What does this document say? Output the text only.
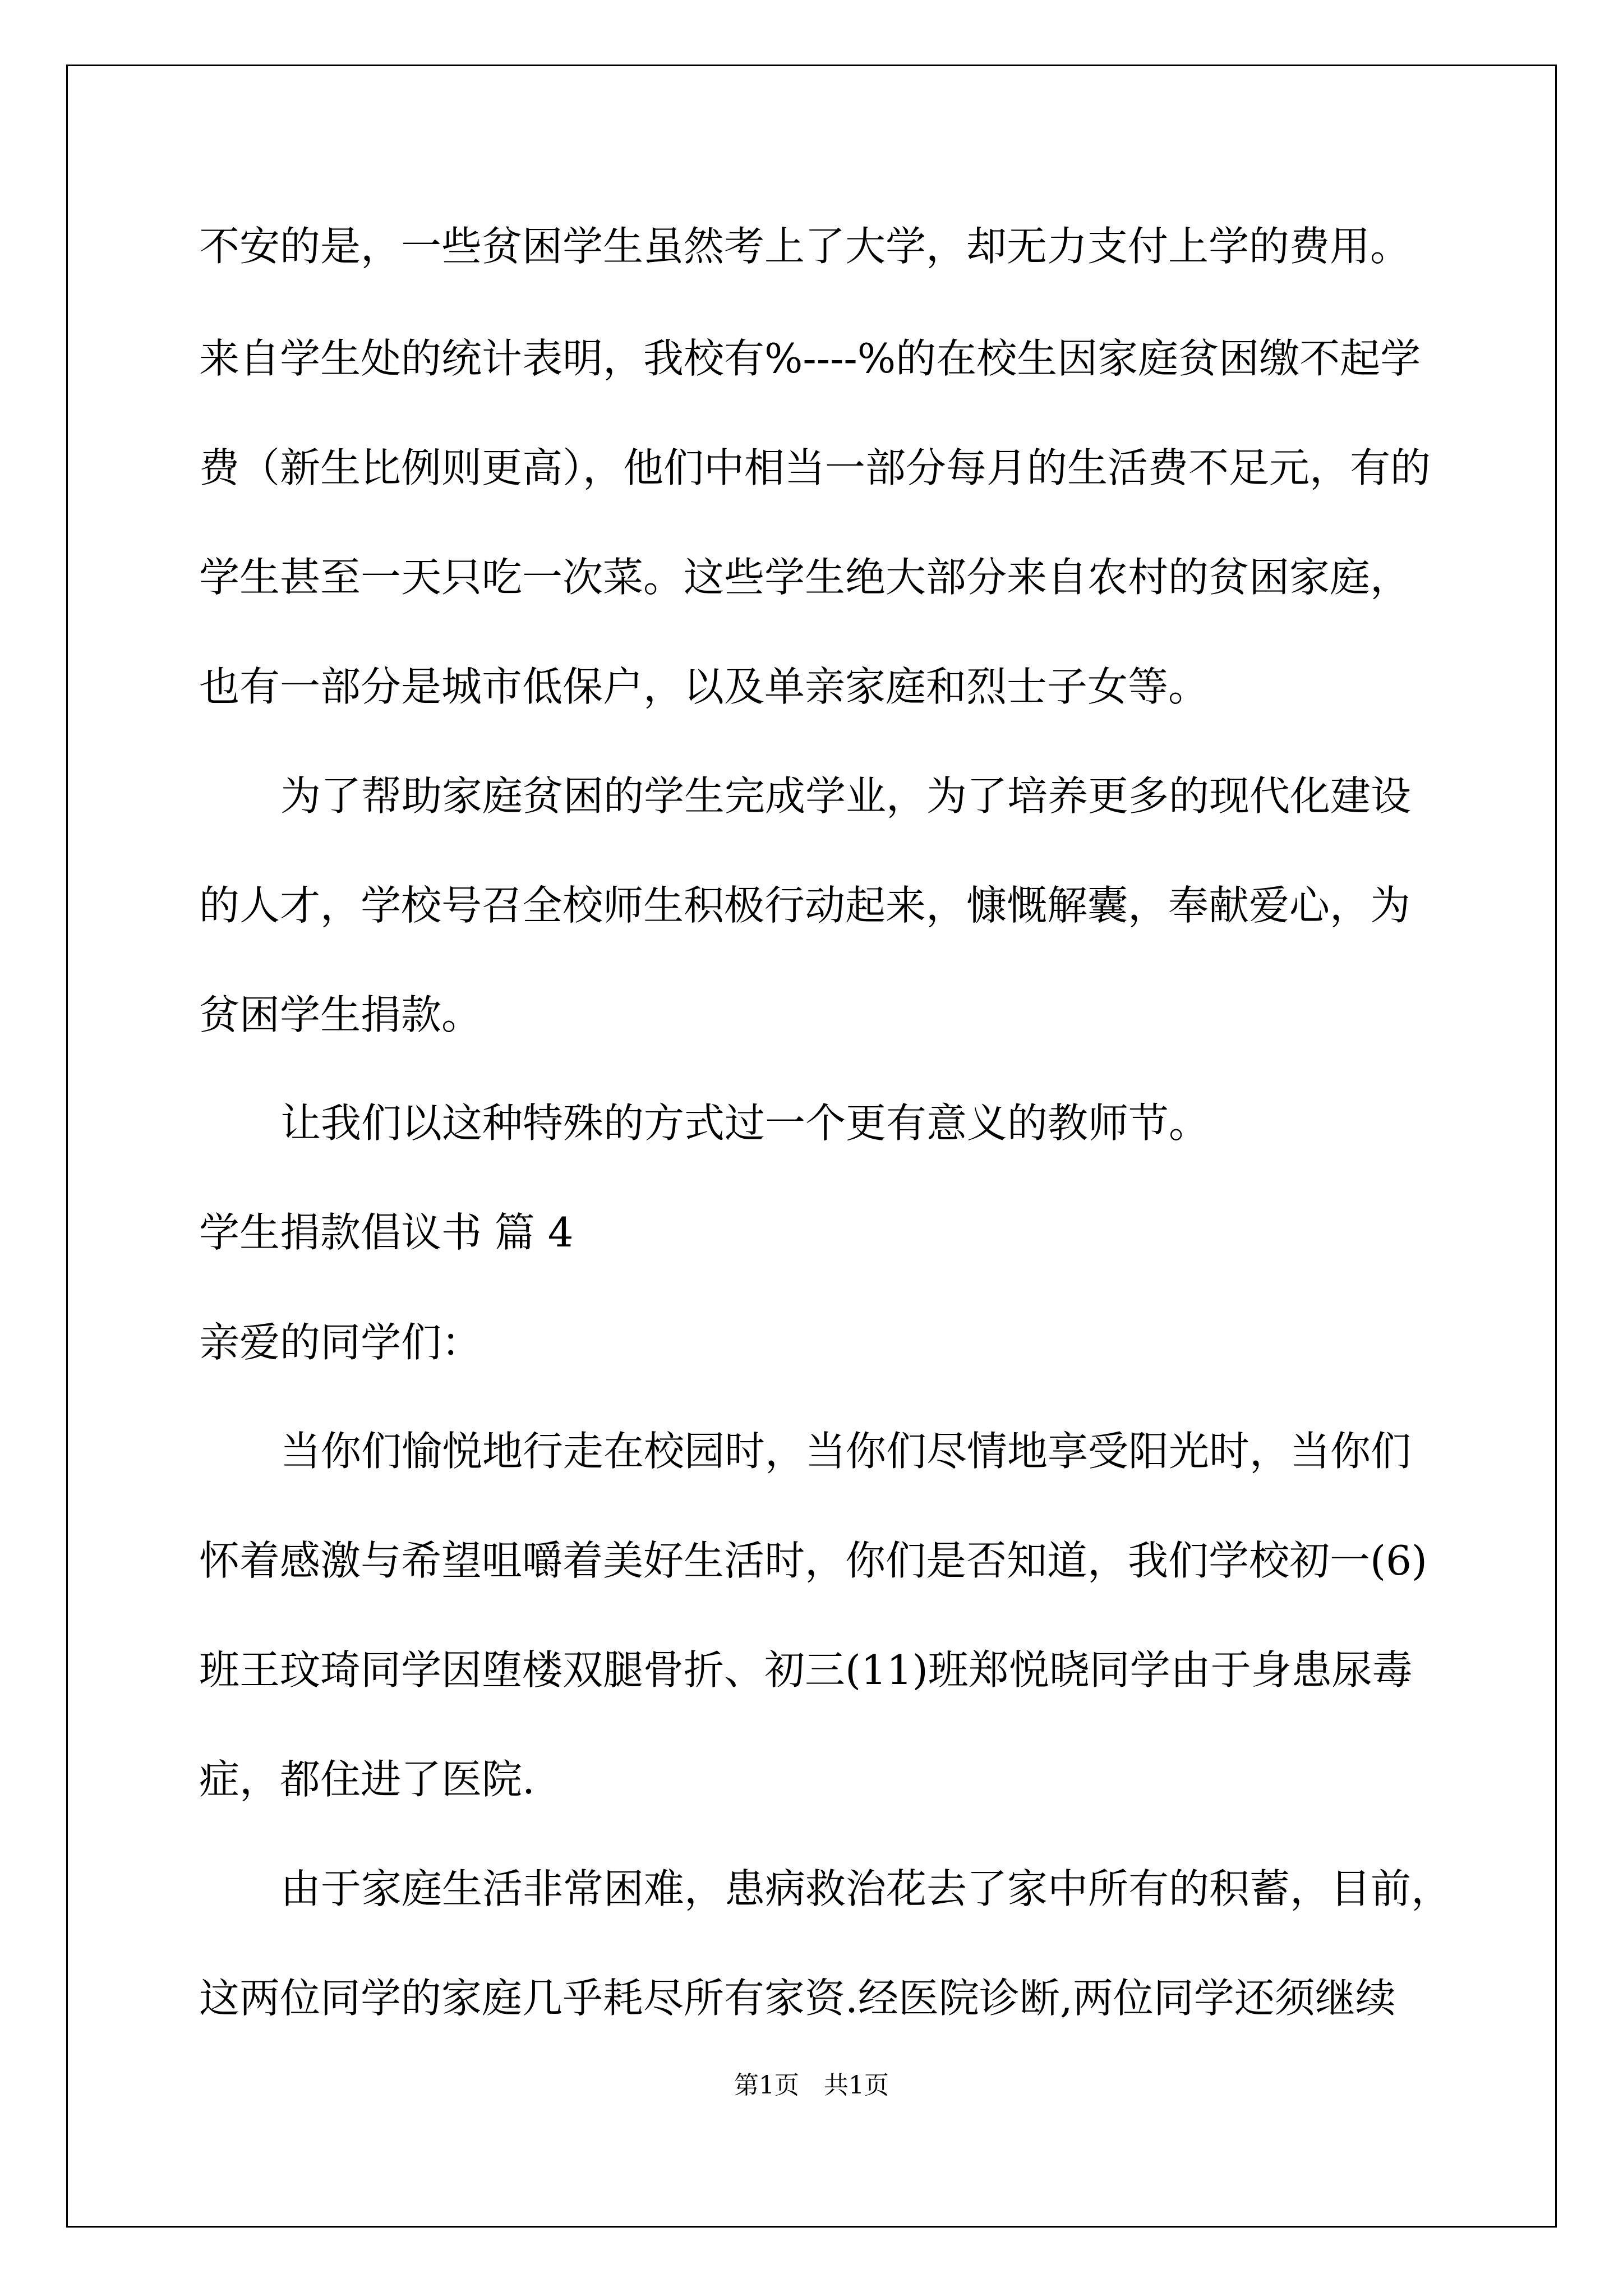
不安的是，一些贫困学生虽然考上了大学，却无力支付上学的费用。
来自学生处的统计表明，我校有%----%的在校生因家庭贫困缴不起学
费（新生比例则更高），他们中相当一部分每月的生活费不足元，有的
学生甚至一天只吃一次菜。这些学生绝大部分来自农村的贫困家庭，
也有一部分是城市低保户，以及单亲家庭和烈士子女等。
为了帮助家庭贫困的学生完成学业，为了培养更多的现代化建设
的人才，学校号召全校师生积极行动起来，慷慨解囊，奉献爱心，为
贫困学生捐款。
让我们以这种特殊的方式过一个更有意义的教师节。
学生捐款倡议书 篇 4
亲爱的同学们：
当你们愉悦地行走在校园时，当你们尽情地享受阳光时，当你们
怀着感激与希望咀嚼着美好生活时，你们是否知道，我们学校初一(6)
班王玟琦同学因堕楼双腿骨折、初三(11)班郑悦晓同学由于身患尿毒
症，都住进了医院.
由于家庭生活非常困难，患病救治花去了家中所有的积蓄，目前，
这两位同学的家庭几乎耗尽所有家资.经医院诊断,两位同学还须继续
第1页　共1页
